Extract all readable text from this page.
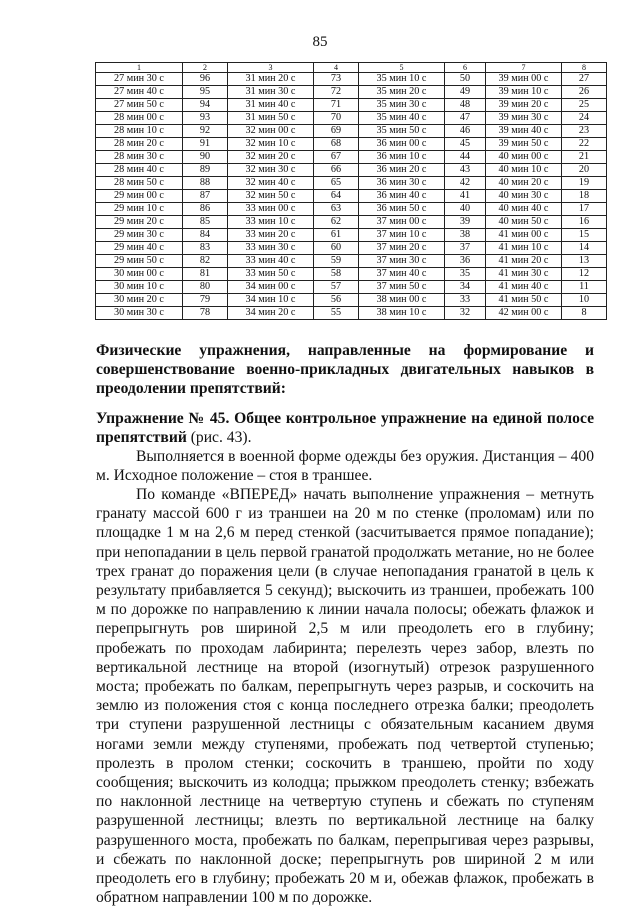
85
1	2	3	4	5	6	7	8
27 мин 30 с	96	31 мин 20 с	73	35 мин 10 с	50	39 мин 00 с	27
27 мин 40 с	95	31 мин 30 с	72	35 мин 20 с	49	39 мин 10 с	26
27 мин 50 с	94	31 мин 40 с	71	35 мин 30 с	48	39 мин 20 с	25
28 мин 00 с	93	31 мин 50 с	70	35 мин 40 с	47	39 мин 30 с	24
28 мин 10 с	92	32 мин 00 с	69	35 мин 50 с	46	39 мин 40 с	23
28 мин 20 с	91	32 мин 10 с	68	36 мин 00 с	45	39 мин 50 с	22
28 мин 30 с	90	32 мин 20 с	67	36 мин 10 с	44	40 мин 00 с	21
28 мин 40 с	89	32 мин 30 с	66	36 мин 20 с	43	40 мин 10 с	20
28 мин 50 с	88	32 мин 40 с	65	36 мин 30 с	42	40 мин 20 с	19
29 мин 00 с	87	32 мин 50 с	64	36 мин 40 с	41	40 мин 30 с	18
29 мин 10 с	86	33 мин 00 с	63	36 мин 50 с	40	40 мин 40 с	17
29 мин 20 с	85	33 мин 10 с	62	37 мин 00 с	39	40 мин 50 с	16
29 мин 30 с	84	33 мин 20 с	61	37 мин 10 с	38	41 мин 00 с	15
29 мин 40 с	83	33 мин 30 с	60	37 мин 20 с	37	41 мин 10 с	14
29 мин 50 с	82	33 мин 40 с	59	37 мин 30 с	36	41 мин 20 с	13
30 мин 00 с	81	33 мин 50 с	58	37 мин 40 с	35	41 мин 30 с	12
30 мин 10 с	80	34 мин 00 с	57	37 мин 50 с	34	41 мин 40 с	11
30 мин 20 с	79	34 мин 10 с	56	38 мин 00 с	33	41 мин 50 с	10
30 мин 30 с	78	34 мин 20 с	55	38 мин 10 с	32	42 мин 00 с	8
Физические упражнения, направленные на формирование и совершенствование военно-прикладных двигательных навыков в преодолении препятствий:
Упражнение № 45. Общее контрольное упражнение на единой полосе препятствий (рис. 43).
Выполняется в военной форме одежды без оружия. Дистанция – 400 м. Исходное положение – стоя в траншее.
По команде «ВПЕРЕД» начать выполнение упражнения – метнуть гранату массой 600 г из траншеи на 20 м по стенке (проломам) или по площадке 1 м на 2,6 м перед стенкой (засчитывается прямое попадание); при непопадании в цель первой гранатой продолжать метание, но не более трех гранат до поражения цели (в случае непопадания гранатой в цель к результату прибавляется 5 секунд); выскочить из траншеи, пробежать 100 м по дорожке по направлению к линии начала полосы; обежать флажок и перепрыгнуть ров шириной 2,5 м или преодолеть его в глубину; пробежать по проходам лабиринта; перелезть через забор, влезть по вертикальной лестнице на второй (изогнутый) отрезок разрушенного моста; пробежать по балкам, перепрыгнуть через разрыв, и соскочить на землю из положения стоя с конца последнего отрезка балки; преодолеть три ступени разрушенной лестницы с обязательным касанием двумя ногами земли между ступенями, пробежать под четвертой ступенью; пролезть в пролом стенки; соскочить в траншею, пройти по ходу сообщения; выскочить из колодца; прыжком преодолеть стенку; взбежать по наклонной лестнице на четвертую ступень и сбежать по ступеням разрушенной лестницы; влезть по вертикальной лестнице на балку разрушенного моста, пробежать по балкам, перепрыгивая через разрывы, и сбежать по наклонной доске; перепрыгнуть ров шириной 2 м или преодолеть его в глубину; пробежать 20 м и, обежав флажок, пробежать в обратном направлении 100 м по дорожке.
